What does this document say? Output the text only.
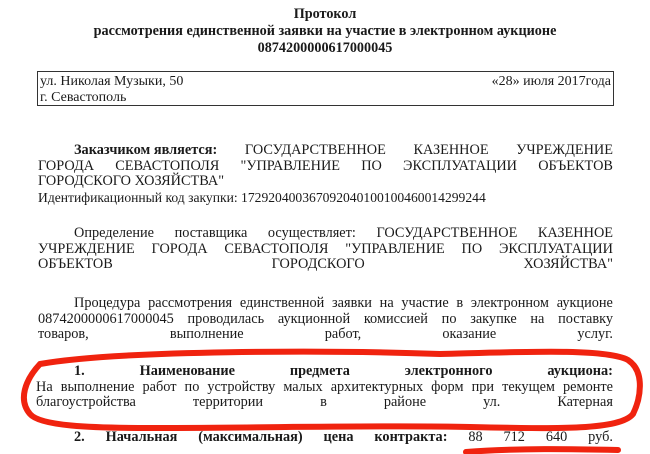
Протокол
рассмотрения единственной заявки на участие в электронном аукционе
0874200000617000045
ул. Николая Музыки, 50
г. Севастополь
«28» июля 2017года
Заказчиком является: ГОСУДАРСТВЕННОЕ КАЗЕННОЕ УЧРЕЖДЕНИЕ
ГОРОДА СЕВАСТОПОЛЯ "УПРАВЛЕНИЕ ПО ЭКСПЛУАТАЦИИ ОБЪЕКТОВ
ГОРОДСКОГО ХОЗЯЙСТВА"
Идентификационный код закупки: 172920400367092040100100460014299244
Определение поставщика осуществляет: ГОСУДАРСТВЕННОЕ КАЗЕННОЕ
УЧРЕЖДЕНИЕ ГОРОДА СЕВАСТОПОЛЯ "УПРАВЛЕНИЕ ПО ЭКСПЛУАТАЦИИ
ОБЪЕКТОВ	ГОРОДСКОГО	ХОЗЯЙСТВА"
Процедура рассмотрения единственной заявки на участие в электронном аукционе
0874200000617000045 проводилась аукционной комиссией по закупке на поставку
товаров,	выполнение	работ,	оказание	услуг.
1.	Наименование	предмета	электронного	аукциона:
На выполнение работ по устройству малых архитектурных форм при текущем ремонте
благоустройства	территории	в	районе	ул.	Катерная
2. Начальная (максимальная) цена контракта: 88 712 640 руб.
